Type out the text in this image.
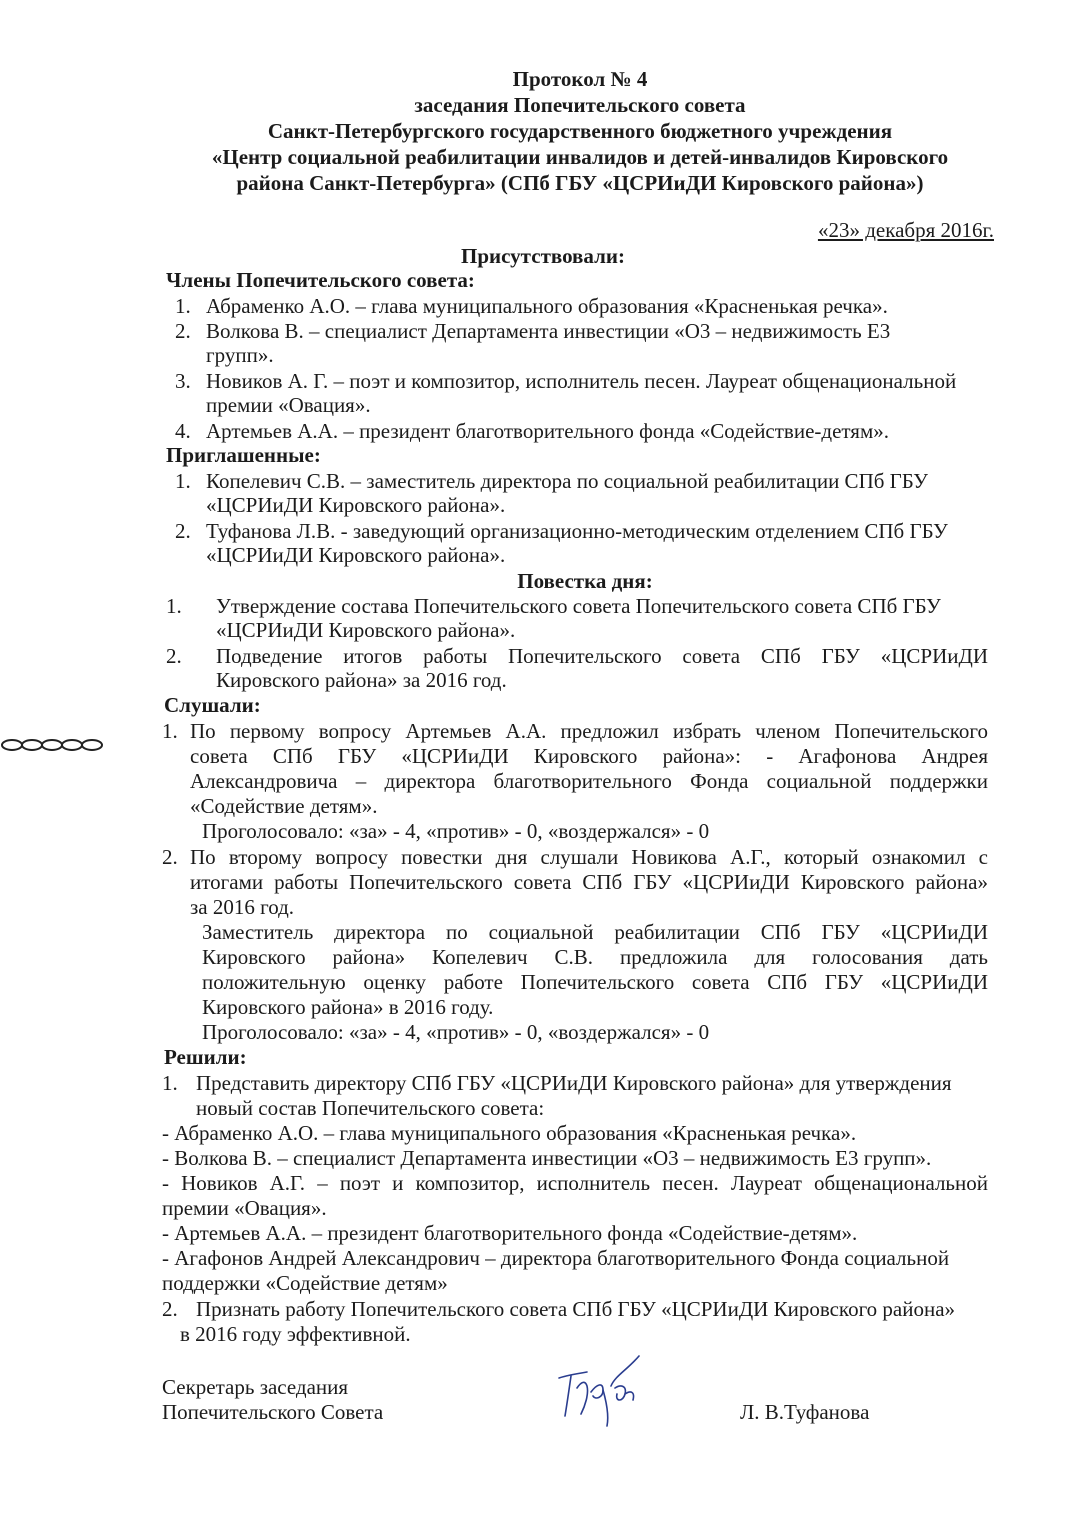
Протокол № 4
заседания Попечительского совета
Санкт-Петербургского государственного бюджетного учреждения
«Центр социальной реабилитации инвалидов и детей-инвалидов Кировского
района Санкт-Петербурга» (СПб ГБУ «ЦСРИиДИ Кировского района»)
«23» декабря 2016г.
Присутствовали:
Члены Попечительского совета:
1. Абраменко А.О. – глава муниципального образования «Красненькая речка».
2. Волкова В. – специалист Департамента инвестиции «О3 – недвижимость Е3
групп».
3. Новиков А. Г. – поэт и композитор, исполнитель песен. Лауреат общенациональной
премии «Овация».
4. Артемьев А.А. – президент благотворительного фонда «Содействие-детям».
Приглашенные:
1. Копелевич С.В. – заместитель директора по социальной реабилитации СПб ГБУ
«ЦСРИиДИ Кировского района».
2. Туфанова Л.В. - заведующий организационно-методическим отделением СПб ГБУ
«ЦСРИиДИ Кировского района».
Повестка дня:
1. Утверждение состава Попечительского совета Попечительского совета СПб ГБУ
«ЦСРИиДИ Кировского района».
2. Подведение итогов работы Попечительского совета СПб ГБУ «ЦСРИиДИ
Кировского района» за 2016 год.
Слушали:
1. По первому вопросу Артемьев А.А. предложил избрать членом Попечительского
совета СПб ГБУ «ЦСРИиДИ Кировского района»: - Агафонова Андрея
Александровича – директора благотворительного Фонда социальной поддержки
«Содействие детям».
Проголосовало: «за» - 4, «против» - 0, «воздержался» - 0
2. По второму вопросу повестки дня слушали Новикова А.Г., который ознакомил с
итогами работы Попечительского совета СПб ГБУ «ЦСРИиДИ Кировского района»
за 2016 год.
Заместитель директора по социальной реабилитации СПб ГБУ «ЦСРИиДИ
Кировского района» Копелевич С.В. предложила для голосования дать
положительную оценку работе Попечительского совета СПб ГБУ «ЦСРИиДИ
Кировского района» в 2016 году.
Проголосовало: «за» - 4, «против» - 0, «воздержался» - 0
Решили:
1. Представить директору СПб ГБУ «ЦСРИиДИ Кировского района» для утверждения
новый состав Попечительского совета:
- Абраменко А.О. – глава муниципального образования «Красненькая речка».
- Волкова В. – специалист Департамента инвестиции «О3 – недвижимость Е3 групп».
- Новиков А.Г. – поэт и композитор, исполнитель песен. Лауреат общенациональной
премии «Овация».
- Артемьев А.А. – президент благотворительного фонда «Содействие-детям».
- Агафонов Андрей Александрович – директора благотворительного Фонда социальной
поддержки «Содействие детям»
2. Признать работу Попечительского совета СПб ГБУ «ЦСРИиДИ Кировского района»
в 2016 году эффективной.
Секретарь заседания
Попечительского Совета	Л. В.Туфанова
